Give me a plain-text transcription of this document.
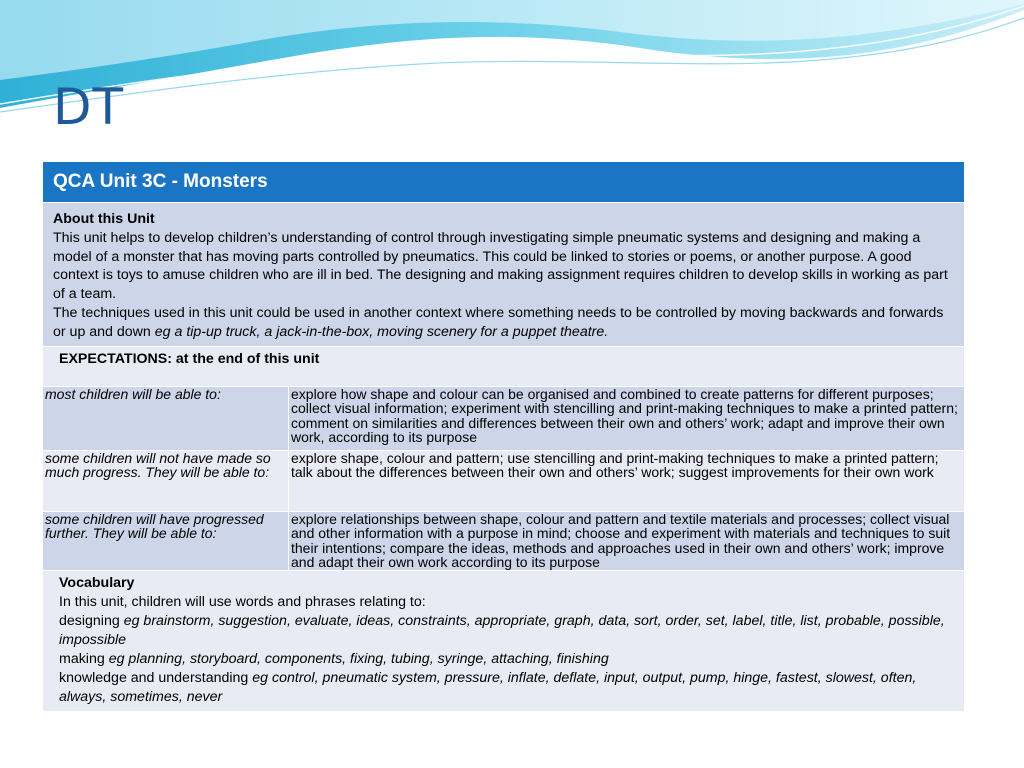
DT
QCA Unit 3C - Monsters	

About this Unit
This unit helps to develop children’s understanding of control through investigating simple pneumatic systems and designing and making a model of a monster that has moving parts controlled by pneumatics. This could be linked to stories or poems, or another purpose. A good context is toys to amuse children who are ill in bed. The designing and making assignment requires children to develop skills in working as part of a team.
The techniques used in this unit could be used in another context where something needs to be controlled by moving backwards and forwards or up and down eg a tip-up truck, a jack-in-the-box, moving scenery for a puppet theatre.	

EXPECTATIONS: at the end of this unit	
most children will be able to:	explore how shape and colour can be organised and combined to create patterns for different purposes; collect visual information; experiment with stencilling and print-making techniques to make a printed pattern; comment on similarities and differences between their own and others’ work; adapt and improve their own work, according to its purpose
some children will not have made so much progress. They will be able to:	explore shape, colour and pattern; use stencilling and print-making techniques to make a printed pattern; talk about the differences between their own and others’ work; suggest improvements for their own work
some children will have progressed further. They will be able to:	explore relationships between shape, colour and pattern and textile materials and processes; collect visual and other information with a purpose in mind; choose and experiment with materials and techniques to suit their intentions; compare the ideas, methods and approaches used in their own and others’ work; improve and adapt their own work according to its purpose

Vocabulary
In this unit, children will use words and phrases relating to:
designing eg brainstorm, suggestion, evaluate, ideas, constraints, appropriate, graph, data, sort, order, set, label, title, list, probable, possible, impossible
making eg planning, storyboard, components, fixing, tubing, syringe, attaching, finishing
knowledge and understanding eg control, pneumatic system, pressure, inflate, deflate, input, output, pump, hinge, fastest, slowest, often, always, sometimes, never	
